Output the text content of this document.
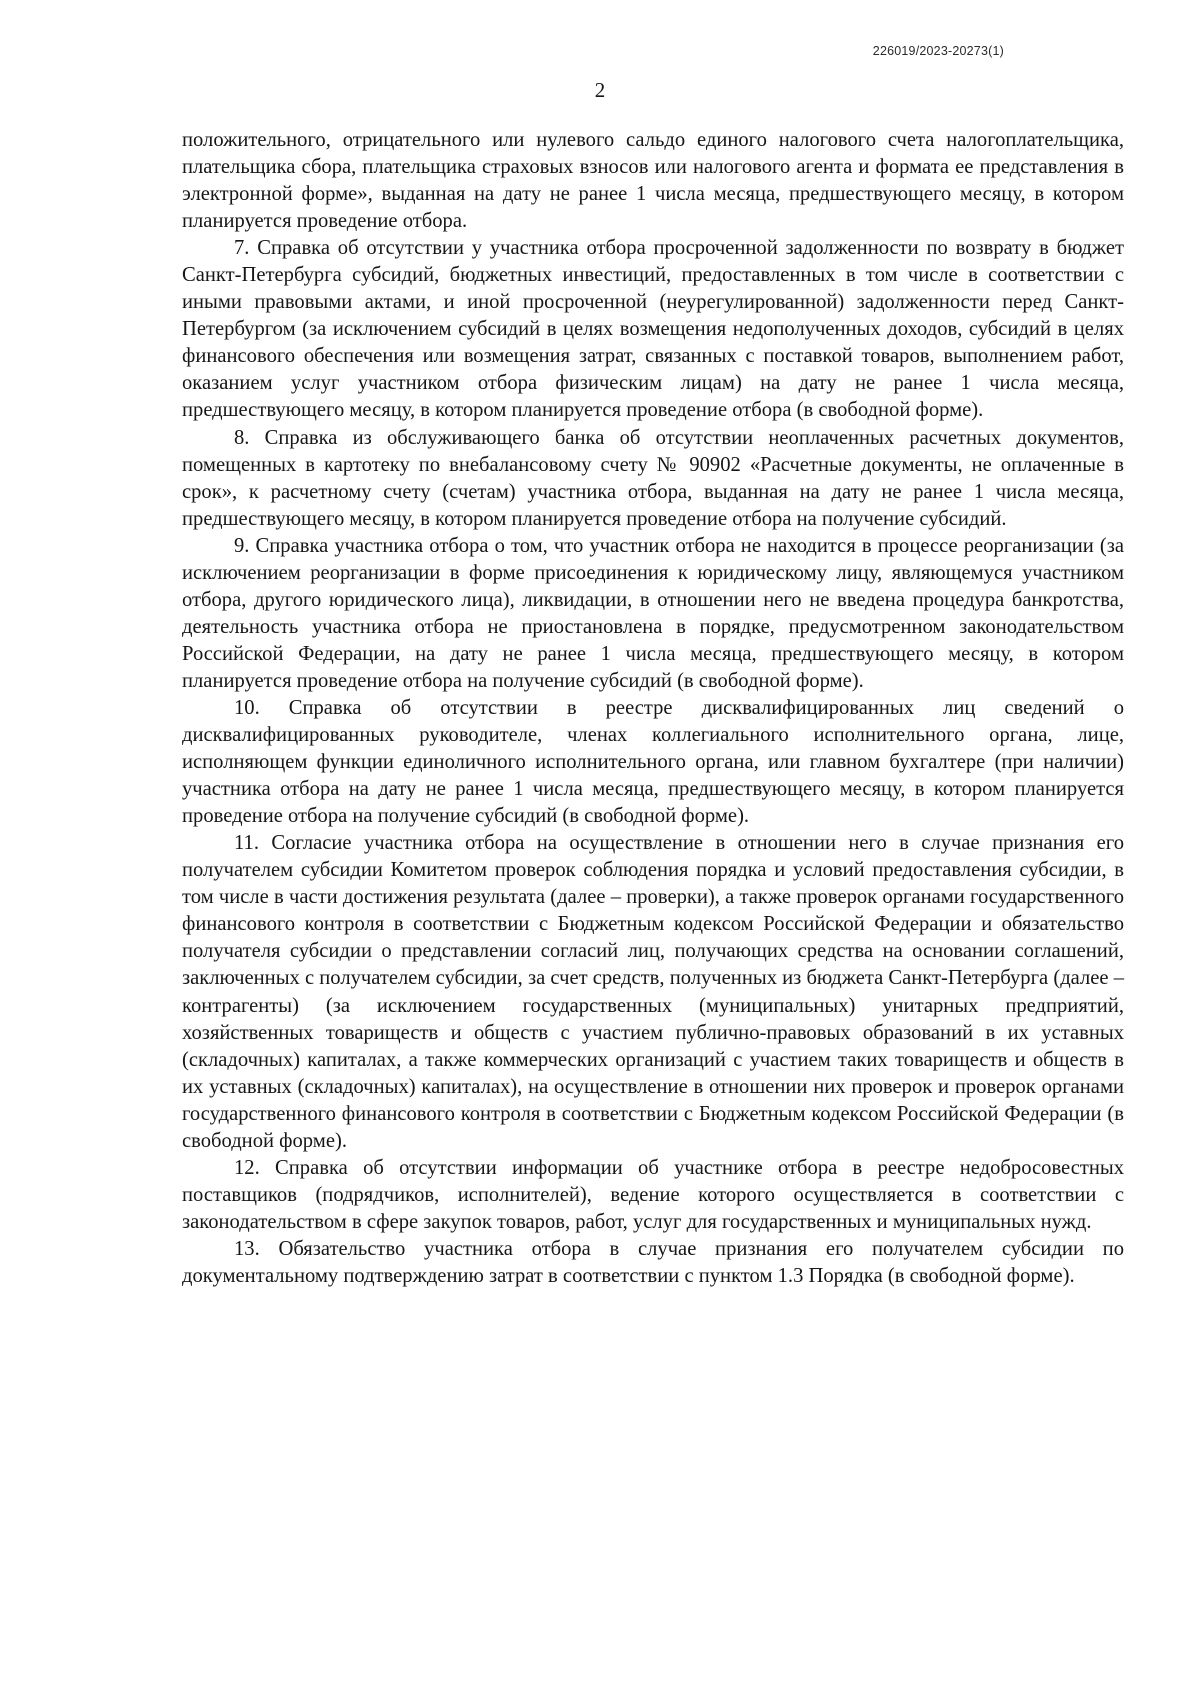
226019/2023-20273(1)
2

положительного, отрицательного или нулевого сальдо единого налогового счета налогоплательщика, плательщика сбора, плательщика страховых взносов или налогового агента и формата ее представления в электронной форме», выданная на дату не ранее 1 числа месяца, предшествующего месяцу, в котором планируется проведение отбора.

7. Справка об отсутствии у участника отбора просроченной задолженности по возврату в бюджет Санкт-Петербурга субсидий, бюджетных инвестиций, предоставленных в том числе в соответствии с иными правовыми актами, и иной просроченной (неурегулированной) задолженности перед Санкт-Петербургом (за исключением субсидий в целях возмещения недополученных доходов, субсидий в целях финансового обеспечения или возмещения затрат, связанных с поставкой товаров, выполнением работ, оказанием услуг участником отбора физическим лицам) на дату не ранее 1 числа месяца, предшествующего месяцу, в котором планируется проведение отбора (в свободной форме).

8. Справка из обслуживающего банка об отсутствии неоплаченных расчетных документов, помещенных в картотеку по внебалансовому счету № 90902 «Расчетные документы, не оплаченные в срок», к расчетному счету (счетам) участника отбора, выданная на дату не ранее 1 числа месяца, предшествующего месяцу, в котором планируется проведение отбора на получение субсидий.

9. Справка участника отбора о том, что участник отбора не находится в процессе реорганизации (за исключением реорганизации в форме присоединения к юридическому лицу, являющемуся участником отбора, другого юридического лица), ликвидации, в отношении него не введена процедура банкротства, деятельность участника отбора не приостановлена в порядке, предусмотренном законодательством Российской Федерации, на дату не ранее 1 числа месяца, предшествующего месяцу, в котором планируется проведение отбора на получение субсидий (в свободной форме).

10. Справка об отсутствии в реестре дисквалифицированных лиц сведений о дисквалифицированных руководителе, членах коллегиального исполнительного органа, лице, исполняющем функции единоличного исполнительного органа, или главном бухгалтере (при наличии) участника отбора на дату не ранее 1 числа месяца, предшествующего месяцу, в котором планируется проведение отбора на получение субсидий (в свободной форме).

11. Согласие участника отбора на осуществление в отношении него в случае признания его получателем субсидии Комитетом проверок соблюдения порядка и условий предоставления субсидии, в том числе в части достижения результата (далее – проверки), а также проверок органами государственного финансового контроля в соответствии с Бюджетным кодексом Российской Федерации и обязательство получателя субсидии о представлении согласий лиц, получающих средства на основании соглашений, заключенных с получателем субсидии, за счет средств, полученных из бюджета Санкт-Петербурга (далее – контрагенты) (за исключением государственных (муниципальных) унитарных предприятий, хозяйственных товариществ и обществ с участием публично-правовых образований в их уставных (складочных) капиталах, а также коммерческих организаций с участием таких товариществ и обществ в их уставных (складочных) капиталах), на осуществление в отношении них проверок и проверок органами государственного финансового контроля в соответствии с Бюджетным кодексом Российской Федерации (в свободной форме).

12. Справка об отсутствии информации об участнике отбора в реестре недобросовестных поставщиков (подрядчиков, исполнителей), ведение которого осуществляется в соответствии с законодательством в сфере закупок товаров, работ, услуг для государственных и муниципальных нужд.

13. Обязательство участника отбора в случае признания его получателем субсидии по документальному подтверждению затрат в соответствии с пунктом 1.3 Порядка (в свободной форме).
